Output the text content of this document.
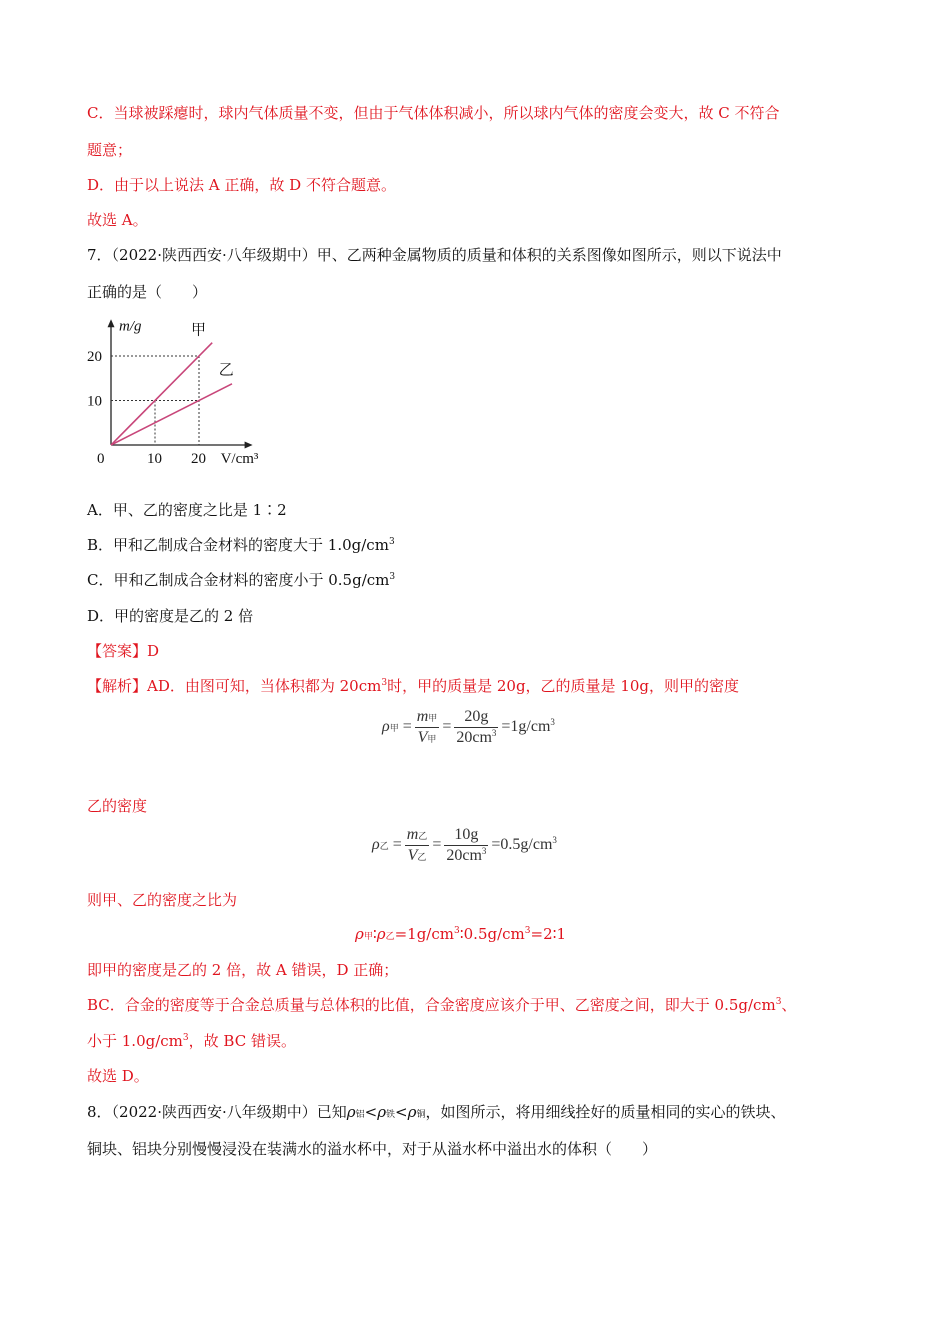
C．当球被踩瘪时，球内气体质量不变，但由于气体体积减小，所以球内气体的密度会变大，故 C 不符合
题意；
D．由于以上说法 A 正确，故 D 不符合题意。
故选 A。
7．（2022·陕西西安·八年级期中）甲、乙两种金属物质的质量和体积的关系图像如图所示，则以下说法中
正确的是（　　）
甲
乙
20
10
0	10 20
m/g
V/cm³
A．甲、乙的密度之比是 1∶2
B．甲和乙制成合金材料的密度大于 $1.0g/cm^3$
C．甲和乙制成合金材料的密度小于 $0.5g/cm^3$
D．甲的密度是乙的 2 倍
【答案】D
【解析】AD．由图可知，当体积都为 $20cm^3$时，甲的质量是 20g，乙的质量是 10g，则甲的密度
ρ甲 = $\frac{\text{m甲}}{\text{V甲}} = \frac{20g}{20cm^3} =1g/cm^3$
乙的密度
ρ乙 = $\frac{\text{m乙}}{\text{V乙}} = \frac{10g}{20cm^3} =0.5g/cm^3$
则甲、乙的密度之比为
ρ甲∶ρ乙$=1g/cm^3∶0.5g/cm^3=2∶1$
即甲的密度是乙的 2 倍，故 A 错误，D 正确；
BC．合金的密度等于合金总质量与总体积的比值，合金密度应该介于甲、乙密度之间，即大于 $0.5g/cm^3$、
小于 $1.0g/cm^3$，故 BC 错误。
故选 D。
8．（2022·陕西西安·八年级期中）已知ρ铝<ρ铁<ρ铜，如图所示，将用细线拴好的质量相同的实心的铁块、
铜块、铝块分别慢慢浸没在装满水的溢水杯中，对于从溢水杯中溢出水的体积（　　）
